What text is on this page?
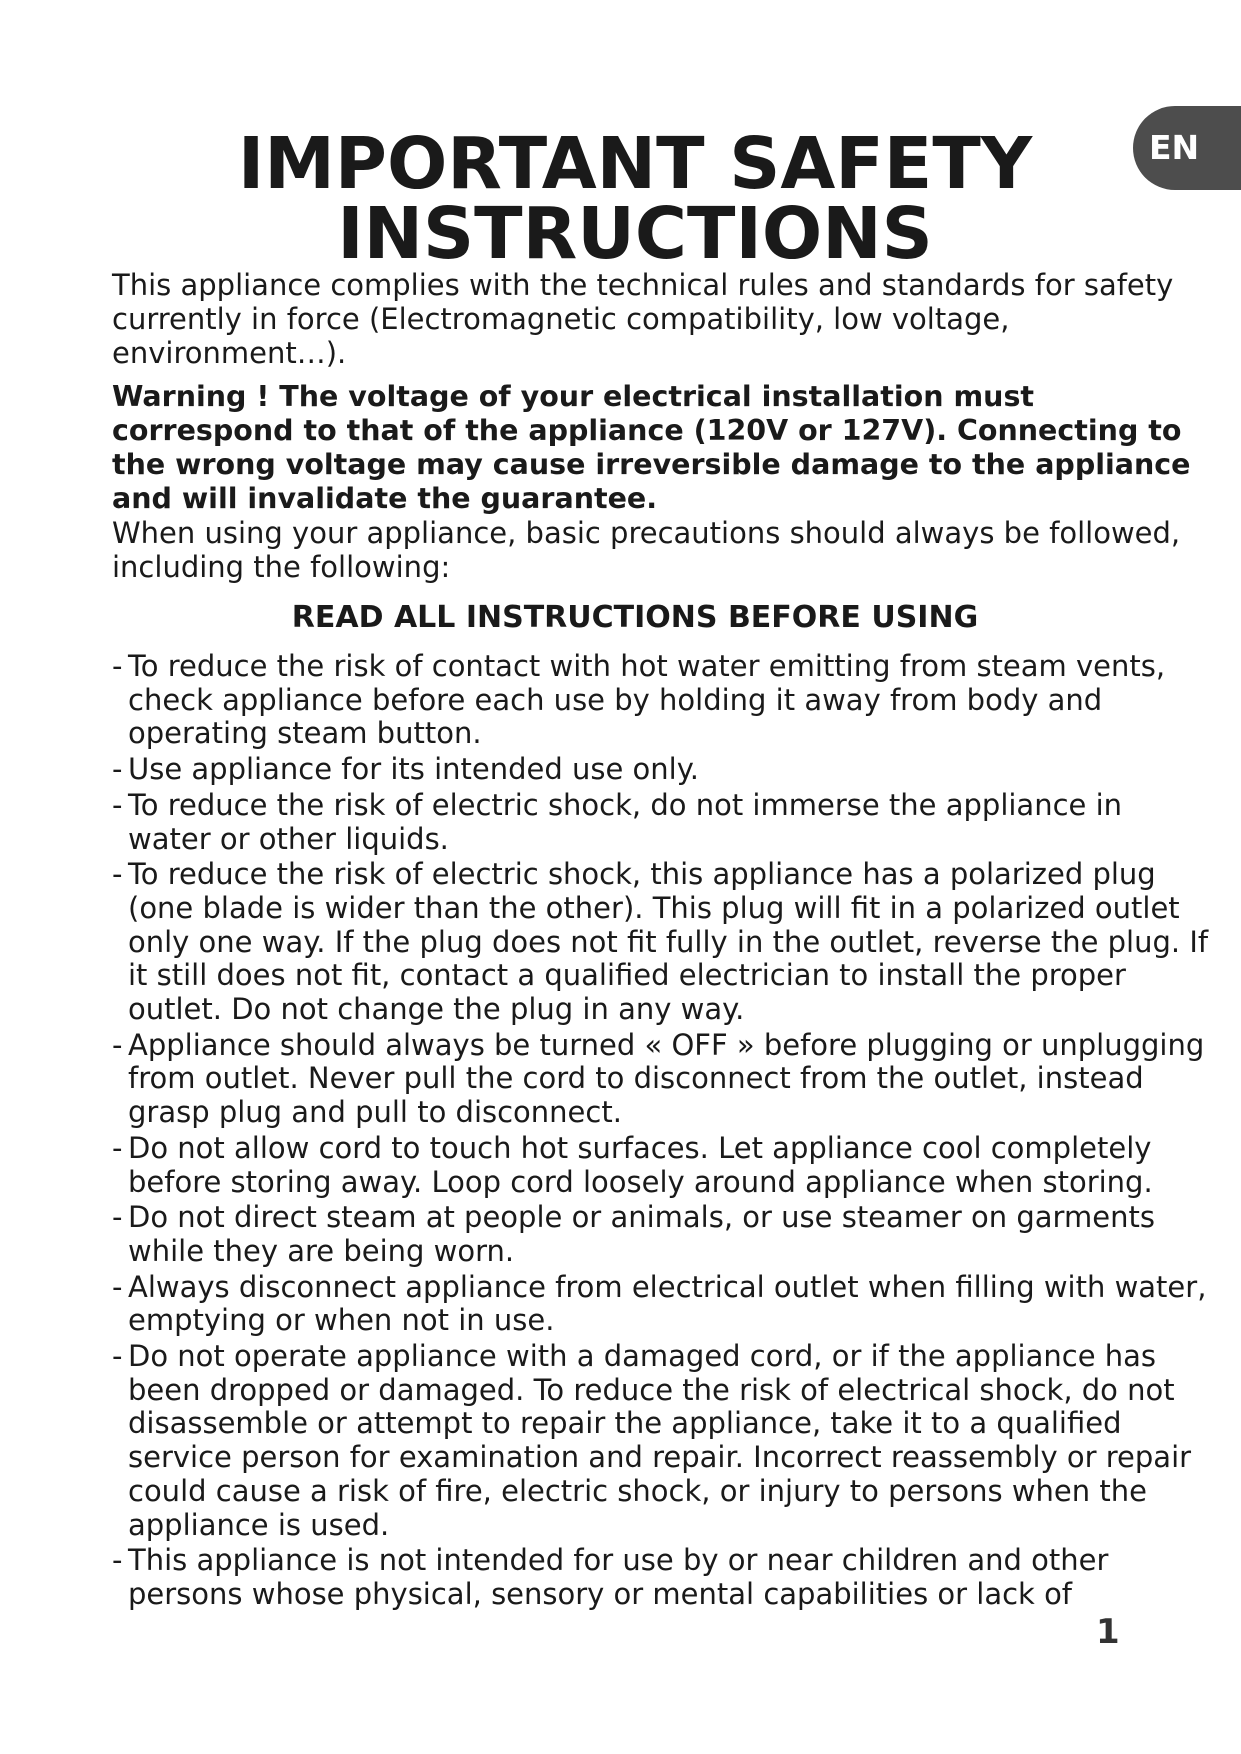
EN
IMPORTANT SAFETY
INSTRUCTIONS

This appliance complies with the technical rules and standards for safety currently in force (Electromagnetic compatibility, low voltage, environment…).

Warning ! The voltage of your electrical installation must correspond to that of the appliance (120V or 127V). Connecting to the wrong voltage may cause irreversible damage to the appliance and will invalidate the guarantee.

When using your appliance, basic precautions should always be followed, including the following:

READ ALL INSTRUCTIONS BEFORE USING
- To reduce the risk of contact with hot water emitting from steam vents, check appliance before each use by holding it away from body and operating steam button.
- Use appliance for its intended use only.
- To reduce the risk of electric shock, do not immerse the appliance in water or other liquids.
- To reduce the risk of electric shock, this appliance has a polarized plug (one blade is wider than the other). This plug will fit in a polarized outlet only one way. If the plug does not fit fully in the outlet, reverse the plug. If it still does not fit, contact a qualified electrician to install the proper outlet. Do not change the plug in any way.
- Appliance should always be turned « OFF » before plugging or unplugging from outlet. Never pull the cord to disconnect from the outlet, instead grasp plug and pull to disconnect.
- Do not allow cord to touch hot surfaces. Let appliance cool completely before storing away. Loop cord loosely around appliance when storing.
- Do not direct steam at people or animals, or use steamer on garments while they are being worn.
- Always disconnect appliance from electrical outlet when filling with water, emptying or when not in use.
- Do not operate appliance with a damaged cord, or if the appliance has been dropped or damaged. To reduce the risk of electrical shock, do not disassemble or attempt to repair the appliance, take it to a qualified service person for examination and repair. Incorrect reassembly or repair could cause a risk of fire, electric shock, or injury to persons when the appliance is used.
- This appliance is not intended for use by or near children and other persons whose physical, sensory or mental capabilities or lack of
1
